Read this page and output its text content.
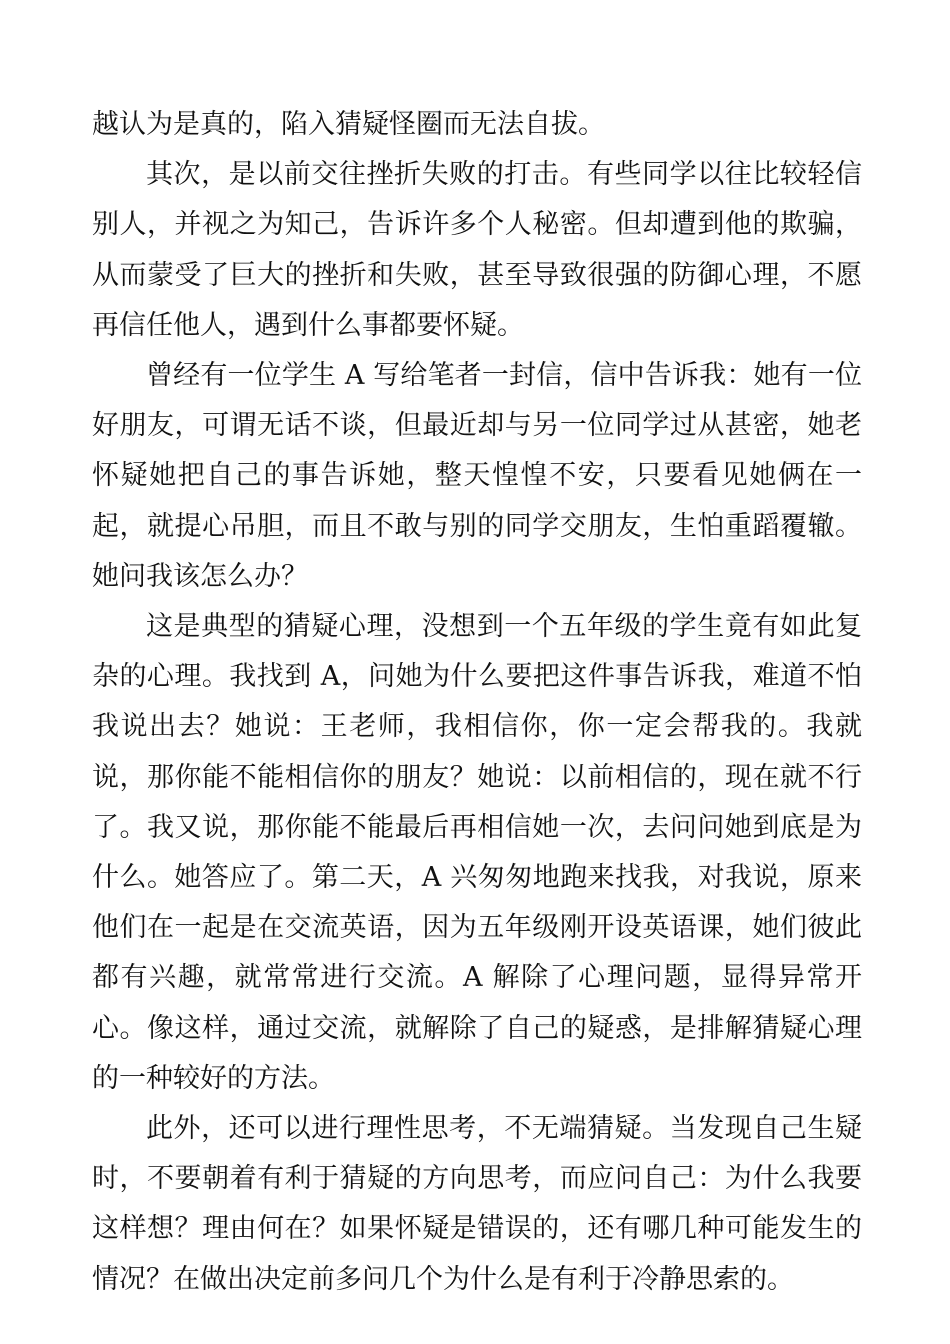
越认为是真的，陷入猜疑怪圈而无法自拔。

其次，是以前交往挫折失败的打击。有些同学以往比较轻信别人，并视之为知己，告诉许多个人秘密。但却遭到他的欺骗，从而蒙受了巨大的挫折和失败，甚至导致很强的防御心理，不愿再信任他人，遇到什么事都要怀疑。

曾经有一位学生 A 写给笔者一封信，信中告诉我：她有一位好朋友，可谓无话不谈，但最近却与另一位同学过从甚密，她老怀疑她把自己的事告诉她，整天惶惶不安，只要看见她俩在一起，就提心吊胆，而且不敢与别的同学交朋友，生怕重蹈覆辙。她问我该怎么办？

这是典型的猜疑心理，没想到一个五年级的学生竟有如此复杂的心理。我找到 A，问她为什么要把这件事告诉我，难道不怕我说出去？她说：王老师，我相信你，你一定会帮我的。我就说，那你能不能相信你的朋友？她说：以前相信的，现在就不行了。我又说，那你能不能最后再相信她一次，去问问她到底是为什么。她答应了。第二天，A 兴匆匆地跑来找我，对我说，原来他们在一起是在交流英语，因为五年级刚开设英语课，她们彼此都有兴趣，就常常进行交流。A 解除了心理问题，显得异常开心。像这样，通过交流，就解除了自己的疑惑，是排解猜疑心理的一种较好的方法。

此外，还可以进行理性思考，不无端猜疑。当发现自己生疑时，不要朝着有利于猜疑的方向思考，而应问自己：为什么我要这样想？理由何在？如果怀疑是错误的，还有哪几种可能发生的情况？在做出决定前多问几个为什么是有利于冷静思索的。
